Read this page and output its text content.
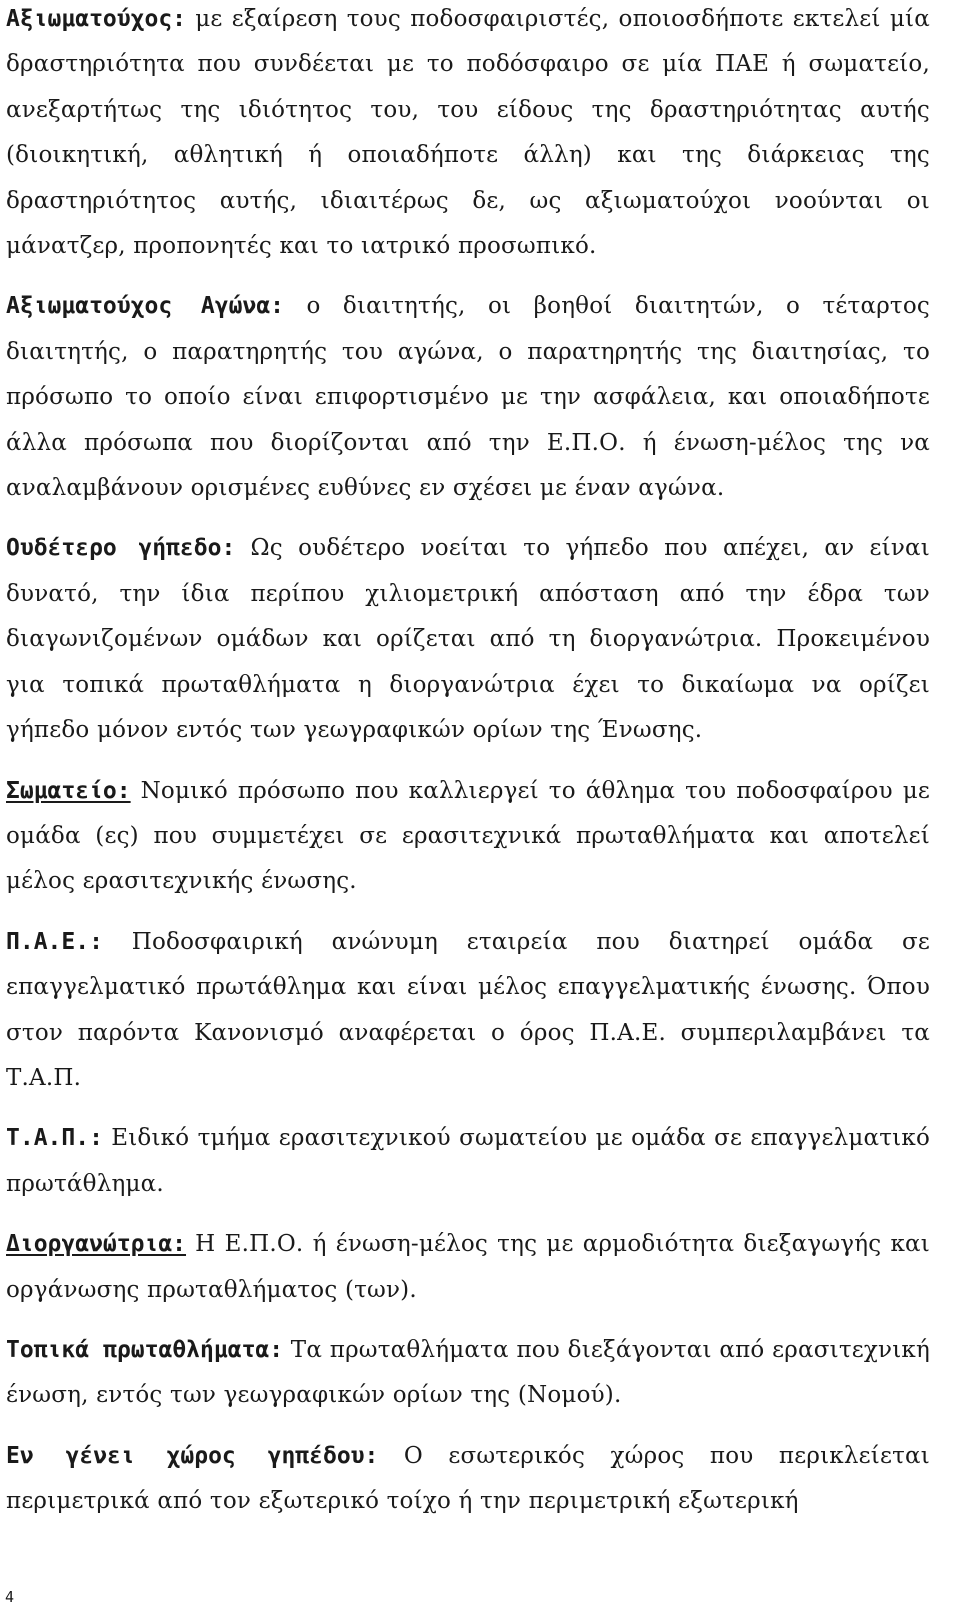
Αξιωματούχος: με εξαίρεση τους ποδοσφαιριστές, οποιοσδήποτε εκτελεί μία δραστηριότητα που συνδέεται με το ποδόσφαιρο σε μία ΠΑΕ ή σωματείο, ανεξαρτήτως της ιδιότητος του, του είδους της δραστηριότητας αυτής (διοικητική, αθλητική ή οποιαδήποτε άλλη) και της διάρκειας της δραστηριότητος αυτής, ιδιαιτέρως δε, ως αξιωματούχοι νοούνται οι μάνατζερ, προπονητές και το ιατρικό προσωπικό.

Αξιωματούχος Αγώνα: ο διαιτητής, οι βοηθοί διαιτητών, ο τέταρτος διαιτητής, ο παρατηρητής του αγώνα, ο παρατηρητής της διαιτησίας, το πρόσωπο το οποίο είναι επιφορτισμένο με την ασφάλεια, και οποιαδήποτε άλλα πρόσωπα που διορίζονται από την Ε.Π.Ο. ή ένωση-μέλος της να αναλαμβάνουν ορισμένες ευθύνες εν σχέσει με έναν αγώνα.

Ουδέτερο γήπεδο: Ως ουδέτερο νοείται το γήπεδο που απέχει, αν είναι δυνατό, την ίδια περίπου χιλιομετρική απόσταση από την έδρα των διαγωνιζομένων ομάδων και ορίζεται από τη διοργανώτρια. Προκειμένου για τοπικά πρωταθλήματα η διοργανώτρια έχει το δικαίωμα να ορίζει γήπεδο μόνον εντός των γεωγραφικών ορίων της Ένωσης.

Σωματείο: Νομικό πρόσωπο που καλλιεργεί το άθλημα του ποδοσφαίρου με ομάδα (ες) που συμμετέχει σε ερασιτεχνικά πρωταθλήματα και αποτελεί μέλος ερασιτεχνικής ένωσης.

Π.Α.Ε.: Ποδοσφαιρική ανώνυμη εταιρεία που διατηρεί ομάδα σε επαγγελματικό πρωτάθλημα και είναι μέλος επαγγελματικής ένωσης. Όπου στον παρόντα Κανονισμό αναφέρεται ο όρος Π.Α.Ε. συμπεριλαμβάνει τα Τ.Α.Π.

Τ.Α.Π.: Ειδικό τμήμα ερασιτεχνικού σωματείου με ομάδα σε επαγγελματικό πρωτάθλημα.

Διοργανώτρια: Η Ε.Π.Ο. ή ένωση-μέλος της με αρμοδιότητα διεξαγωγής και οργάνωσης πρωταθλήματος (των).

Τοπικά πρωταθλήματα: Τα πρωταθλήματα που διεξάγονται από ερασιτεχνική ένωση, εντός των γεωγραφικών ορίων της (Νομού).

Εν γένει χώρος γηπέδου: Ο εσωτερικός χώρος που περικλείεται περιμετρικά από τον εξωτερικό τοίχο ή την περιμετρική εξωτερική

4
